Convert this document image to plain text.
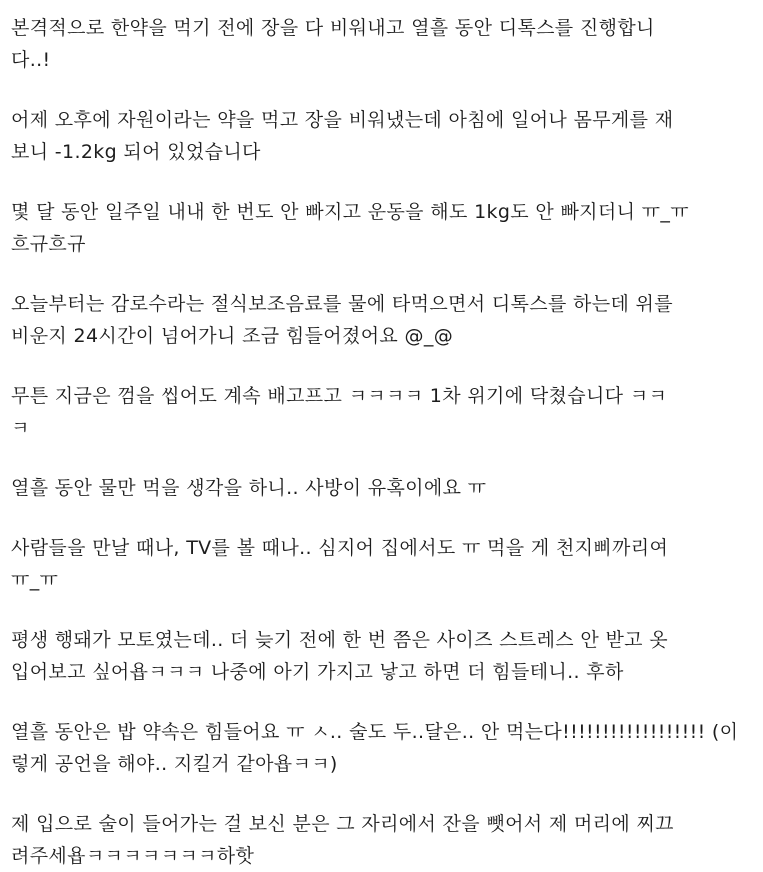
본격적으로 한약을 먹기 전에 장을 다 비워내고 열흘 동안 디톡스를 진행합니
다..!

어제 오후에 자원이라는 약을 먹고 장을 비워냈는데 아침에 일어나 몸무게를 재
보니 -1.2kg 되어 있었습니다

몇 달 동안 일주일 내내 한 번도 안 빠지고 운동을 해도 1kg도 안 빠지더니 ㅠ_ㅠ
흐규흐규

오늘부터는 감로수라는 절식보조음료를 물에 타먹으면서 디톡스를 하는데 위를
비운지 24시간이 넘어가니 조금 힘들어졌어요 @_@

무튼 지금은 껌을 씹어도 계속 배고프고 ㅋㅋㅋㅋ 1차 위기에 닥쳤습니다 ㅋㅋ
ㅋ

열흘 동안 물만 먹을 생각을 하니.. 사방이 유혹이에요 ㅠ

사람들을 만날 때나, TV를 볼 때나.. 심지어 집에서도 ㅠ 먹을 게 천지삐까리여
ㅠ_ㅠ

평생 행돼가 모토였는데.. 더 늦기 전에 한 번 쯤은 사이즈 스트레스 안 받고 옷
입어보고 싶어욥ㅋㅋㅋ 나중에 아기 가지고 낳고 하면 더 힘들테니.. 후하

열흘 동안은 밥 약속은 힘들어요 ㅠ ㅅ.. 술도 두..달은.. 안 먹는다!!!!!!!!!!!!!!!!!! (이
렇게 공언을 해야.. 지킬거 같아욥ㅋㅋ)

제 입으로 술이 들어가는 걸 보신 분은 그 자리에서 잔을 뺏어서 제 머리에 찌끄
려주세욥ㅋㅋㅋㅋㅋㅋㅋ하핫
